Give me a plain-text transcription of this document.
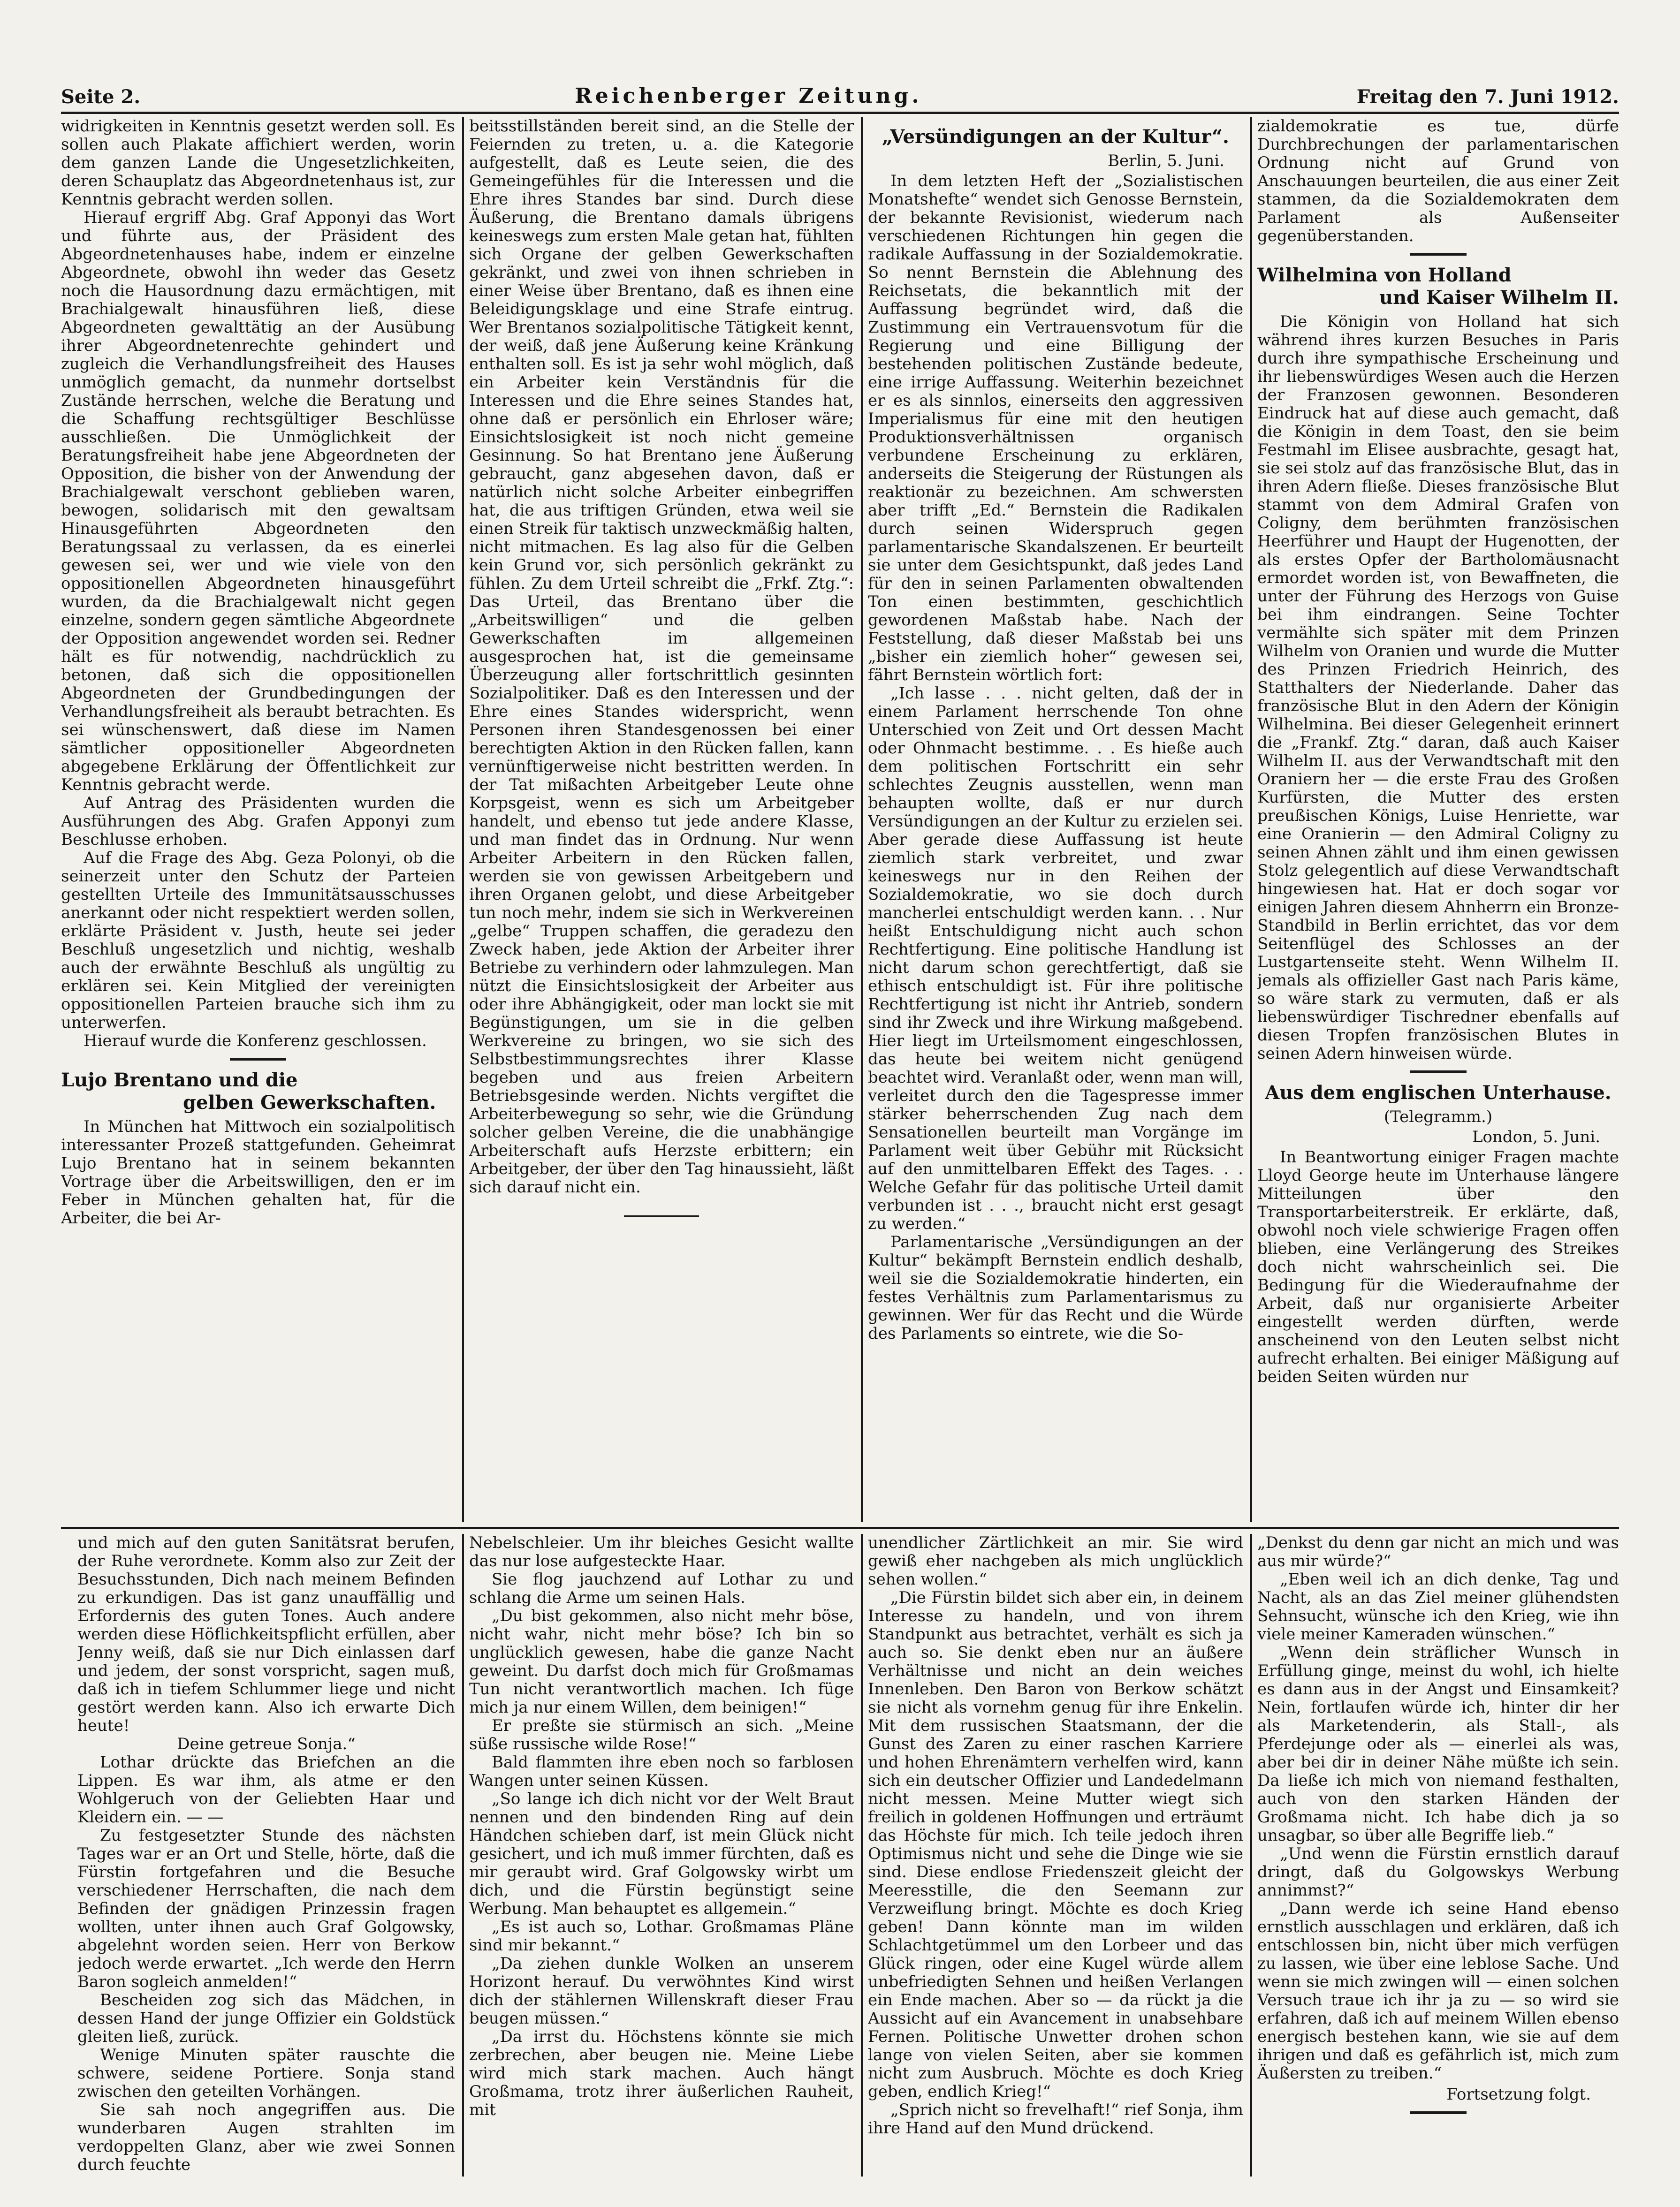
Seite 2.	Reichenberger Zeitung.	Freitag den 7. Juni 1912.

widrigkeiten in Kenntnis gesetzt werden soll. Es sollen auch Plakate affichiert werden, worin dem ganzen Lande die Ungesetzlichkeiten, deren Schauplatz das Abgeordnetenhaus ist, zur Kenntnis gebracht werden sollen.

Hierauf ergriff Abg. Graf Apponyi das Wort und führte aus, der Präsident des Abgeordnetenhauses habe, indem er einzelne Abgeordnete, obwohl ihn weder das Gesetz noch die Hausordnung dazu ermächtigen, mit Brachialgewalt hinausführen ließ, diese Abgeordneten gewalttätig an der Ausübung ihrer Abgeordnetenrechte gehindert und zugleich die Verhandlungsfreiheit des Hauses unmöglich gemacht, da nunmehr dortselbst Zustände herrschen, welche die Beratung und die Schaffung rechtsgültiger Beschlüsse ausschließen. Die Unmöglichkeit der Beratungsfreiheit habe jene Abgeordneten der Opposition, die bisher von der Anwendung der Brachialgewalt verschont geblieben waren, bewogen, solidarisch mit den gewaltsam Hinausgeführten Abgeordneten den Beratungssaal zu verlassen, da es einerlei gewesen sei, wer und wie viele von den oppositionellen Abgeordneten hinausgeführt wurden, da die Brachialgewalt nicht gegen einzelne, sondern gegen sämtliche Abgeordnete der Opposition angewendet worden sei. Redner hält es für notwendig, nachdrücklich zu betonen, daß sich die oppositionellen Abgeordneten der Grundbedingungen der Verhandlungsfreiheit als beraubt betrachten. Es sei wünschenswert, daß diese im Namen sämtlicher oppositioneller Abgeordneten abgegebene Erklärung der Öffentlichkeit zur Kenntnis gebracht werde.

Auf Antrag des Präsidenten wurden die Ausführungen des Abg. Grafen Apponyi zum Beschlusse erhoben.

Auf die Frage des Abg. Geza Polonyi, ob die seinerzeit unter den Schutz der Parteien gestellten Urteile des Immunitätsausschusses anerkannt oder nicht respektiert werden sollen, erklärte Präsident v. Justh, heute sei jeder Beschluß ungesetzlich und nichtig, weshalb auch der erwähnte Beschluß als ungültig zu erklären sei. Kein Mitglied der vereinigten oppositionellen Parteien brauche sich ihm zu unterwerfen.

Hierauf wurde die Konferenz geschlossen.

Lujo Brentano und die
gelben Gewerkschaften.

In München hat Mittwoch ein sozialpolitisch interessanter Prozeß stattgefunden. Geheimrat Lujo Brentano hat in seinem bekannten Vortrage über die Arbeitswilligen, den er im Feber in München gehalten hat, für die Arbeiter, die bei Ar-

beitsstillständen bereit sind, an die Stelle der Feiernden zu treten, u. a. die Kategorie aufgestellt, daß es Leute seien, die des Gemeingefühles für die Interessen und die Ehre ihres Standes bar sind. Durch diese Äußerung, die Brentano damals übrigens keineswegs zum ersten Male getan hat, fühlten sich Organe der gelben Gewerkschaften gekränkt, und zwei von ihnen schrieben in einer Weise über Brentano, daß es ihnen eine Beleidigungsklage und eine Strafe eintrug. Wer Brentanos sozialpolitische Tätigkeit kennt, der weiß, daß jene Äußerung keine Kränkung enthalten soll. Es ist ja sehr wohl möglich, daß ein Arbeiter kein Verständnis für die Interessen und die Ehre seines Standes hat, ohne daß er persönlich ein Ehrloser wäre; Einsichtslosigkeit ist noch nicht gemeine Gesinnung. So hat Brentano jene Äußerung gebraucht, ganz abgesehen davon, daß er natürlich nicht solche Arbeiter einbegriffen hat, die aus triftigen Gründen, etwa weil sie einen Streik für taktisch unzweckmäßig halten, nicht mitmachen. Es lag also für die Gelben kein Grund vor, sich persönlich gekränkt zu fühlen. Zu dem Urteil schreibt die „Frkf. Ztg.“: Das Urteil, das Brentano über die „Arbeitswilligen“ und die gelben Gewerkschaften im allgemeinen ausgesprochen hat, ist die gemeinsame Überzeugung aller fortschrittlich gesinnten Sozialpolitiker. Daß es den Interessen und der Ehre eines Standes widerspricht, wenn Personen ihren Standesgenossen bei einer berechtigten Aktion in den Rücken fallen, kann vernünftigerweise nicht bestritten werden. In der Tat mißachten Arbeitgeber Leute ohne Korpsgeist, wenn es sich um Arbeitgeber handelt, und ebenso tut jede andere Klasse, und man findet das in Ordnung. Nur wenn Arbeiter Arbeitern in den Rücken fallen, werden sie von gewissen Arbeitgebern und ihren Organen gelobt, und diese Arbeitgeber tun noch mehr, indem sie sich in Werkvereinen „gelbe“ Truppen schaffen, die geradezu den Zweck haben, jede Aktion der Arbeiter ihrer Betriebe zu verhindern oder lahmzulegen. Man nützt die Einsichtslosigkeit der Arbeiter aus oder ihre Abhängigkeit, oder man lockt sie mit Begünstigungen, um sie in die gelben Werkvereine zu bringen, wo sie sich des Selbstbestimmungsrechtes ihrer Klasse begeben und aus freien Arbeitern Betriebsgesinde werden. Nichts vergiftet die Arbeiterbewegung so sehr, wie die Gründung solcher gelben Vereine, die die unabhängige Arbeiterschaft aufs Herzste erbittern; ein Arbeitgeber, der über den Tag hinaussieht, läßt sich darauf nicht ein.

„Versündigungen an der Kultur“.

Berlin, 5. Juni.

In dem letzten Heft der „Sozialistischen Monatshefte“ wendet sich Genosse Bernstein, der bekannte Revisionist, wiederum nach verschiedenen Richtungen hin gegen die radikale Auffassung in der Sozialdemokratie. So nennt Bernstein die Ablehnung des Reichsetats, die bekanntlich mit der Auffassung begründet wird, daß die Zustimmung ein Vertrauensvotum für die Regierung und eine Billigung der bestehenden politischen Zustände bedeute, eine irrige Auffassung. Weiterhin bezeichnet er es als sinnlos, einerseits den aggressiven Imperialismus für eine mit den heutigen Produktionsverhältnissen organisch verbundene Erscheinung zu erklären, anderseits die Steigerung der Rüstungen als reaktionär zu bezeichnen. Am schwersten aber trifft „Ed.“ Bernstein die Radikalen durch seinen Widerspruch gegen parlamentarische Skandalszenen. Er beurteilt sie unter dem Gesichtspunkt, daß jedes Land für den in seinen Parlamenten obwaltenden Ton einen bestimmten, geschichtlich gewordenen Maßstab habe. Nach der Feststellung, daß dieser Maßstab bei uns „bisher ein ziemlich hoher“ gewesen sei, fährt Bernstein wörtlich fort:

„Ich lasse . . . nicht gelten, daß der in einem Parlament herrschende Ton ohne Unterschied von Zeit und Ort dessen Macht oder Ohnmacht bestimme. . . Es hieße auch dem politischen Fortschritt ein sehr schlechtes Zeugnis ausstellen, wenn man behaupten wollte, daß er nur durch Versündigungen an der Kultur zu erzielen sei. Aber gerade diese Auffassung ist heute ziemlich stark verbreitet, und zwar keineswegs nur in den Reihen der Sozialdemokratie, wo sie doch durch mancherlei entschuldigt werden kann. . . Nur heißt Entschuldigung nicht auch schon Rechtfertigung. Eine politische Handlung ist nicht darum schon gerechtfertigt, daß sie ethisch entschuldigt ist. Für ihre politische Rechtfertigung ist nicht ihr Antrieb, sondern sind ihr Zweck und ihre Wirkung maßgebend. Hier liegt im Urteilsmoment eingeschlossen, das heute bei weitem nicht genügend beachtet wird. Veranlaßt oder, wenn man will, verleitet durch den die Tagespresse immer stärker beherrschenden Zug nach dem Sensationellen beurteilt man Vorgänge im Parlament weit über Gebühr mit Rücksicht auf den unmittelbaren Effekt des Tages. . . Welche Gefahr für das politische Urteil damit verbunden ist . . ., braucht nicht erst gesagt zu werden.“

Parlamentarische „Versündigungen an der Kultur“ bekämpft Bernstein endlich deshalb, weil sie die Sozialdemokratie hinderten, ein festes Verhältnis zum Parlamentarismus zu gewinnen. Wer für das Recht und die Würde des Parlaments so eintrete, wie die So-

zialdemokratie es tue, dürfe Durchbrechungen der parlamentarischen Ordnung nicht auf Grund von Anschauungen beurteilen, die aus einer Zeit stammen, da die Sozialdemokraten dem Parlament als Außenseiter gegenüberstanden.

Wilhelmina von Holland
und Kaiser Wilhelm II.

Die Königin von Holland hat sich während ihres kurzen Besuches in Paris durch ihre sympathische Erscheinung und ihr liebenswürdiges Wesen auch die Herzen der Franzosen gewonnen. Besonderen Eindruck hat auf diese auch gemacht, daß die Königin in dem Toast, den sie beim Festmahl im Elisee ausbrachte, gesagt hat, sie sei stolz auf das französische Blut, das in ihren Adern fließe. Dieses französische Blut stammt von dem Admiral Grafen von Coligny, dem berühmten französischen Heerführer und Haupt der Hugenotten, der als erstes Opfer der Bartholomäusnacht ermordet worden ist, von Bewaffneten, die unter der Führung des Herzogs von Guise bei ihm eindrangen. Seine Tochter vermählte sich später mit dem Prinzen Wilhelm von Oranien und wurde die Mutter des Prinzen Friedrich Heinrich, des Statthalters der Niederlande. Daher das französische Blut in den Adern der Königin Wilhelmina. Bei dieser Gelegenheit erinnert die „Frankf. Ztg.“ daran, daß auch Kaiser Wilhelm II. aus der Verwandtschaft mit den Oraniern her — die erste Frau des Großen Kurfürsten, die Mutter des ersten preußischen Königs, Luise Henriette, war eine Oranierin — den Admiral Coligny zu seinen Ahnen zählt und ihm einen gewissen Stolz gelegentlich auf diese Verwandtschaft hingewiesen hat. Hat er doch sogar vor einigen Jahren diesem Ahnherrn ein Bronze-Standbild in Berlin errichtet, das vor dem Seitenflügel des Schlosses an der Lustgartenseite steht. Wenn Wilhelm II. jemals als offizieller Gast nach Paris käme, so wäre stark zu vermuten, daß er als liebenswürdiger Tischredner ebenfalls auf diesen Tropfen französischen Blutes in seinen Adern hinweisen würde.

Aus dem englischen Unterhause.

(Telegramm.)

London, 5. Juni.

In Beantwortung einiger Fragen machte Lloyd George heute im Unterhause längere Mitteilungen über den Transportarbeiterstreik. Er erklärte, daß, obwohl noch viele schwierige Fragen offen blieben, eine Verlängerung des Streikes doch nicht wahrscheinlich sei. Die Bedingung für die Wiederaufnahme der Arbeit, daß nur organisierte Arbeiter eingestellt werden dürften, werde anscheinend von den Leuten selbst nicht aufrecht erhalten. Bei einiger Mäßigung auf beiden Seiten würden nur

und mich auf den guten Sanitätsrat berufen, der Ruhe verordnete. Komm also zur Zeit der Besuchsstunden, Dich nach meinem Befinden zu erkundigen. Das ist ganz unauffällig und Erfordernis des guten Tones. Auch andere werden diese Höflichkeitspflicht erfüllen, aber Jenny weiß, daß sie nur Dich einlassen darf und jedem, der sonst vorspricht, sagen muß, daß ich in tiefem Schlummer liege und nicht gestört werden kann. Also ich erwarte Dich heute!

Deine getreue Sonja.“

Lothar drückte das Briefchen an die Lippen. Es war ihm, als atme er den Wohlgeruch von der Geliebten Haar und Kleidern ein. — —

Zu festgesetzter Stunde des nächsten Tages war er an Ort und Stelle, hörte, daß die Fürstin fortgefahren und die Besuche verschiedener Herrschaften, die nach dem Befinden der gnädigen Prinzessin fragen wollten, unter ihnen auch Graf Golgowsky, abgelehnt worden seien. Herr von Berkow jedoch werde erwartet. „Ich werde den Herrn Baron sogleich anmelden!“

Bescheiden zog sich das Mädchen, in dessen Hand der junge Offizier ein Goldstück gleiten ließ, zurück.

Wenige Minuten später rauschte die schwere, seidene Portiere. Sonja stand zwischen den geteilten Vorhängen.

Sie sah noch angegriffen aus. Die wunderbaren Augen strahlten im verdoppelten Glanz, aber wie zwei Sonnen durch feuchte

Nebelschleier. Um ihr bleiches Gesicht wallte das nur lose aufgesteckte Haar.

Sie flog jauchzend auf Lothar zu und schlang die Arme um seinen Hals.

„Du bist gekommen, also nicht mehr böse, nicht wahr, nicht mehr böse? Ich bin so unglücklich gewesen, habe die ganze Nacht geweint. Du darfst doch mich für Großmamas Tun nicht verantwortlich machen. Ich füge mich ja nur einem Willen, dem beinigen!“

Er preßte sie stürmisch an sich. „Meine süße russische wilde Rose!“

Bald flammten ihre eben noch so farblosen Wangen unter seinen Küssen.

„So lange ich dich nicht vor der Welt Braut nennen und den bindenden Ring auf dein Händchen schieben darf, ist mein Glück nicht gesichert, und ich muß immer fürchten, daß es mir geraubt wird. Graf Golgowsky wirbt um dich, und die Fürstin begünstigt seine Werbung. Man behauptet es allgemein.“

„Es ist auch so, Lothar. Großmamas Pläne sind mir bekannt.“

„Da ziehen dunkle Wolken an unserem Horizont herauf. Du verwöhntes Kind wirst dich der stählernen Willenskraft dieser Frau beugen müssen.“

„Da irrst du. Höchstens könnte sie mich zerbrechen, aber beugen nie. Meine Liebe wird mich stark machen. Auch hängt Großmama, trotz ihrer äußerlichen Rauheit, mit

unendlicher Zärtlichkeit an mir. Sie wird gewiß eher nachgeben als mich unglücklich sehen wollen.“

„Die Fürstin bildet sich aber ein, in deinem Interesse zu handeln, und von ihrem Standpunkt aus betrachtet, verhält es sich ja auch so. Sie denkt eben nur an äußere Verhältnisse und nicht an dein weiches Innenleben. Den Baron von Berkow schätzt sie nicht als vornehm genug für ihre Enkelin. Mit dem russischen Staatsmann, der die Gunst des Zaren zu einer raschen Karriere und hohen Ehrenämtern verhelfen wird, kann sich ein deutscher Offizier und Landedelmann nicht messen. Meine Mutter wiegt sich freilich in goldenen Hoffnungen und erträumt das Höchste für mich. Ich teile jedoch ihren Optimismus nicht und sehe die Dinge wie sie sind. Diese endlose Friedenszeit gleicht der Meeresstille, die den Seemann zur Verzweiflung bringt. Möchte es doch Krieg geben! Dann könnte man im wilden Schlachtgetümmel um den Lorbeer und das Glück ringen, oder eine Kugel würde allem unbefriedigten Sehnen und heißen Verlangen ein Ende machen. Aber so — da rückt ja die Aussicht auf ein Avancement in unabsehbare Fernen. Politische Unwetter drohen schon lange von vielen Seiten, aber sie kommen nicht zum Ausbruch. Möchte es doch Krieg geben, endlich Krieg!“

„Sprich nicht so frevelhaft!“ rief Sonja, ihm ihre Hand auf den Mund drückend.

„Denkst du denn gar nicht an mich und was aus mir würde?“

„Eben weil ich an dich denke, Tag und Nacht, als an das Ziel meiner glühendsten Sehnsucht, wünsche ich den Krieg, wie ihn viele meiner Kameraden wünschen.“

„Wenn dein sträflicher Wunsch in Erfüllung ginge, meinst du wohl, ich hielte es dann aus in der Angst und Einsamkeit? Nein, fortlaufen würde ich, hinter dir her als Marketenderin, als Stall-, als Pferdejunge oder als — einerlei als was, aber bei dir in deiner Nähe müßte ich sein. Da ließe ich mich von niemand festhalten, auch von den starken Händen der Großmama nicht. Ich habe dich ja so unsagbar, so über alle Begriffe lieb.“

„Und wenn die Fürstin ernstlich darauf dringt, daß du Golgowskys Werbung annimmst?“

„Dann werde ich seine Hand ebenso ernstlich ausschlagen und erklären, daß ich entschlossen bin, nicht über mich verfügen zu lassen, wie über eine leblose Sache. Und wenn sie mich zwingen will — einen solchen Versuch traue ich ihr ja zu — so wird sie erfahren, daß ich auf meinem Willen ebenso energisch bestehen kann, wie sie auf dem ihrigen und daß es gefährlich ist, mich zum Äußersten zu treiben.“

Fortsetzung folgt.
